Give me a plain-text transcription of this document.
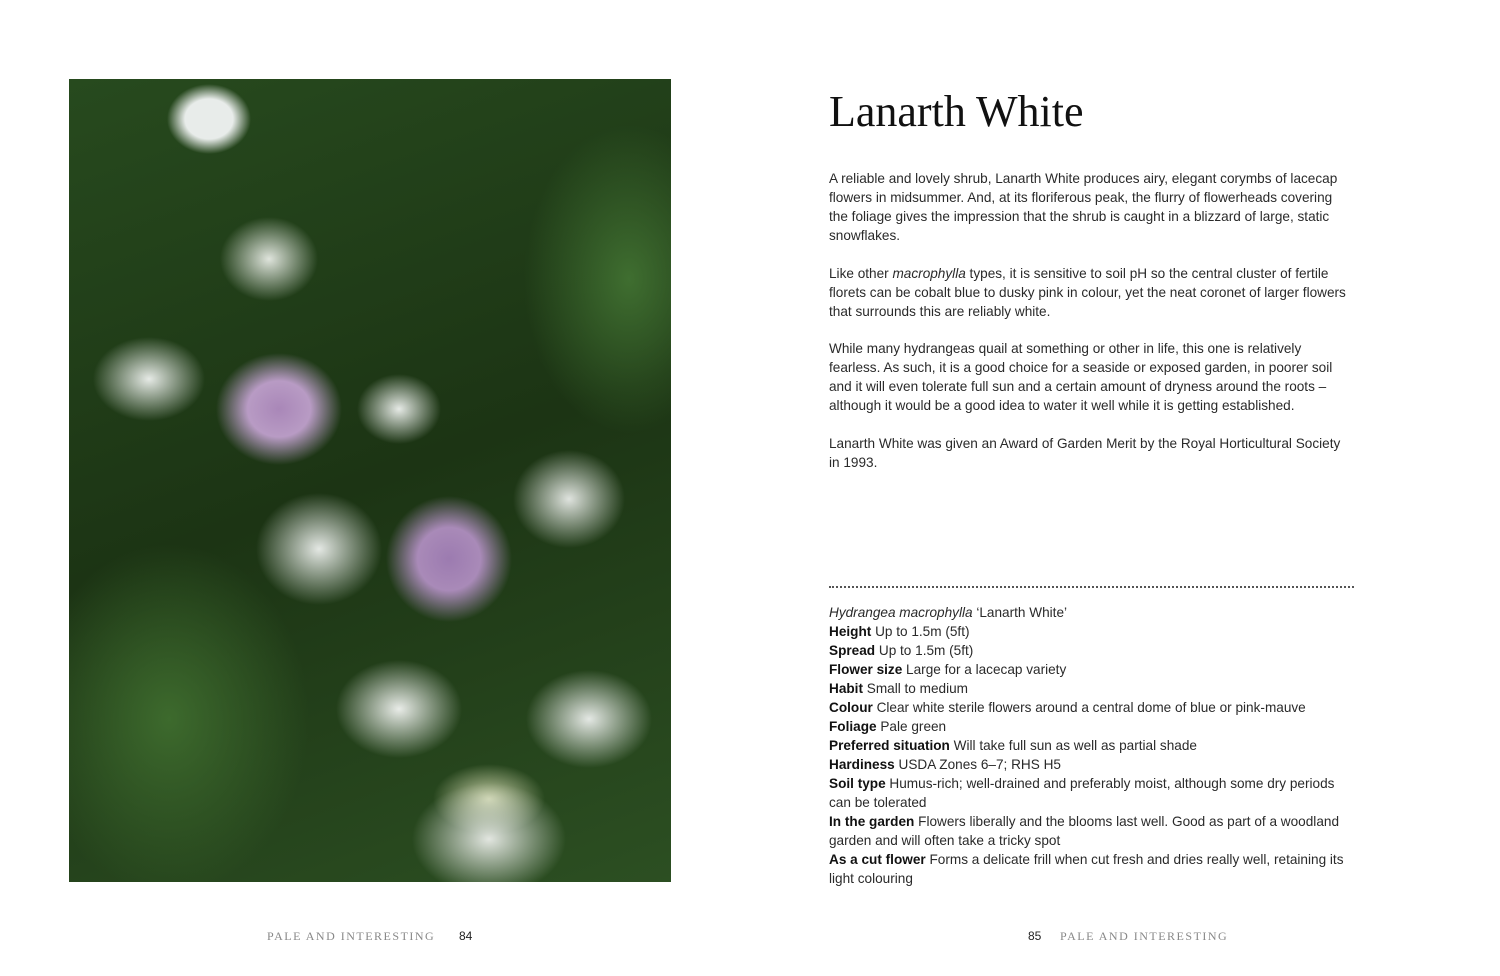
Lanarth White

A reliable and lovely shrub, Lanarth White produces airy, elegant corymbs of lacecap flowers in midsummer. And, at its floriferous peak, the flurry of flowerheads covering the foliage gives the impression that the shrub is caught in a blizzard of large, static snowflakes.

Like other macrophylla types, it is sensitive to soil pH so the central cluster of fertile florets can be cobalt blue to dusky pink in colour, yet the neat coronet of larger flowers that surrounds this are reliably white.

While many hydrangeas quail at something or other in life, this one is relatively fearless. As such, it is a good choice for a seaside or exposed garden, in poorer soil and it will even tolerate full sun and a certain amount of dryness around the roots – although it would be a good idea to water it well while it is getting established.

Lanarth White was given an Award of Garden Merit by the Royal Horticultural Society in 1993.

Hydrangea macrophylla ‘Lanarth White’
Height Up to 1.5m (5ft)
Spread Up to 1.5m (5ft)
Flower size Large for a lacecap variety
Habit Small to medium
Colour Clear white sterile flowers around a central dome of blue or pink-mauve
Foliage Pale green
Preferred situation Will take full sun as well as partial shade
Hardiness USDA Zones 6–7; RHS H5
Soil type Humus-rich; well-drained and preferably moist, although some dry periods can be tolerated
In the garden Flowers liberally and the blooms last well. Good as part of a woodland garden and will often take a tricky spot
As a cut flower Forms a delicate frill when cut fresh and dries really well, retaining its light colouring
PALE AND INTERESTING 84	85 PALE AND INTERESTING
